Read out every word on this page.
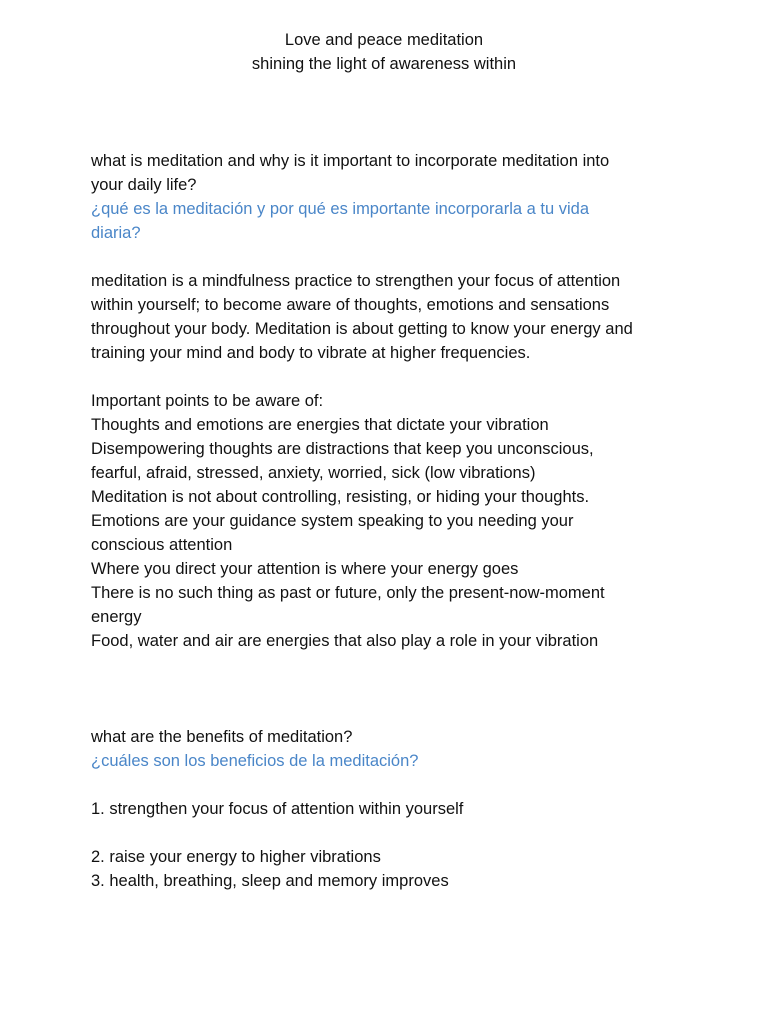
Love and peace meditation
shining the light of awareness within
what is meditation and why is it important to incorporate meditation into
your daily life?
¿qué es la meditación y por qué es importante incorporarla a tu vida
diaria?
meditation is a mindfulness practice to strengthen your focus of attention
within yourself; to become aware of thoughts, emotions and sensations
throughout your body. Meditation is about getting to know your energy and
training your mind and body to vibrate at higher frequencies.
Important points to be aware of:
Thoughts and emotions are energies that dictate your vibration
Disempowering thoughts are distractions that keep you unconscious,
fearful, afraid, stressed, anxiety, worried, sick (low vibrations)
Meditation is not about controlling, resisting, or hiding your thoughts.
Emotions are your guidance system speaking to you needing your
conscious attention
Where you direct your attention is where your energy goes
There is no such thing as past or future, only the present-now-moment
energy
Food, water and air are energies that also play a role in your vibration
what are the benefits of meditation?
¿cuáles son los beneficios de la meditación?
1. strengthen your focus of attention within yourself
2. raise your energy to higher vibrations
3. health, breathing, sleep and memory improves
